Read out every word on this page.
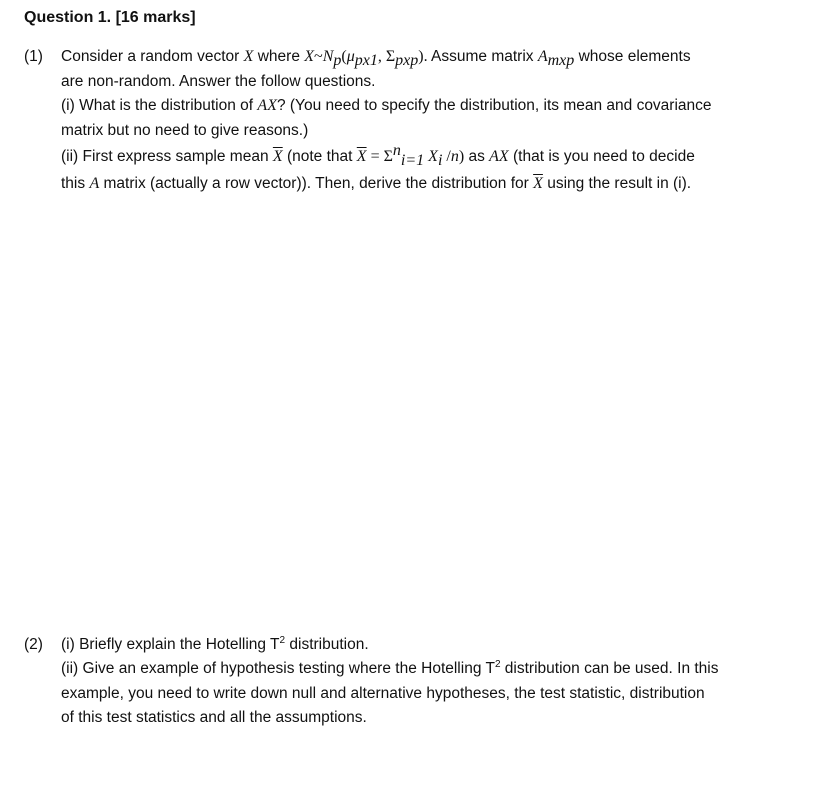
Question 1. [16 marks]
(1) Consider a random vector X where $X\sim N_p(\mu_{px1}$, $\Sigma_{pxp}$). Assume matrix $A_{mxp}$ whose elements
are non-random. Answer the follow questions.
(i) What is the distribution of AX? (You need to specify the distribution, its mean and covariance
matrix but no need to give reasons.)
(ii) First express sample mean $\overline{X}$ (note that $\overline{X} = \Sigma^n_{i=1}$ $X_i$ /n) as AX (that is you need to decide
this A matrix (actually a row vector)). Then, derive the distribution for $\overline{X}$ using the result in (i).
(2) (i) Briefly explain the Hotelling $T^2$ distribution.
(ii) Give an example of hypothesis testing where the Hotelling $T^2$ distribution can be used. In this
example, you need to write down null and alternative hypotheses, the test statistic, distribution
of this test statistics and all the assumptions.
